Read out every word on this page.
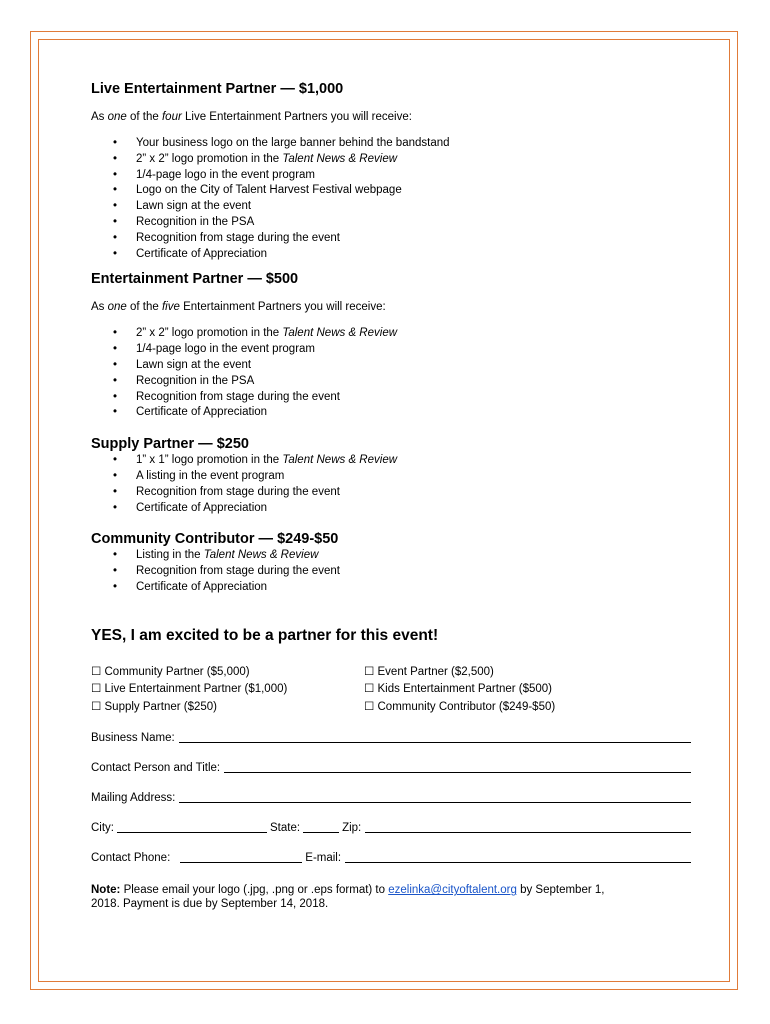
Live Entertainment Partner — $1,000

As one of the four Live Entertainment Partners you will receive:

• Your business logo on the large banner behind the bandstand
• 2” x 2” logo promotion in the Talent News & Review
• 1/4-page logo in the event program
• Logo on the City of Talent Harvest Festival webpage
• Lawn sign at the event
• Recognition in the PSA
• Recognition from stage during the event
• Certificate of Appreciation
Entertainment Partner — $500

As one of the five Entertainment Partners you will receive:

• 2” x 2” logo promotion in the Talent News & Review
• 1/4-page logo in the event program
• Lawn sign at the event
• Recognition in the PSA
• Recognition from stage during the event
• Certificate of Appreciation
Supply Partner — $250
• 1” x 1” logo promotion in the Talent News & Review
• A listing in the event program
• Recognition from stage during the event
• Certificate of Appreciation
Community Contributor — $249-$50
• Listing in the Talent News & Review
• Recognition from stage during the event
• Certificate of Appreciation
YES, I am excited to be a partner for this event!
☐ Community Partner ($5,000)	☐ Event Partner ($2,500)
☐ Live Entertainment Partner ($1,000)	☐ Kids Entertainment Partner ($500)
☐ Supply Partner ($250)	☐ Community Contributor ($249-$50)
Business Name:
Contact Person and Title:
Mailing Address:
City:	State:	Zip:
Contact Phone:	E-mail:
Note: Please email your logo (.jpg, .png or .eps format) to ezelinka@cityoftalent.org by September 1, 2018. Payment is due by September 14, 2018.
